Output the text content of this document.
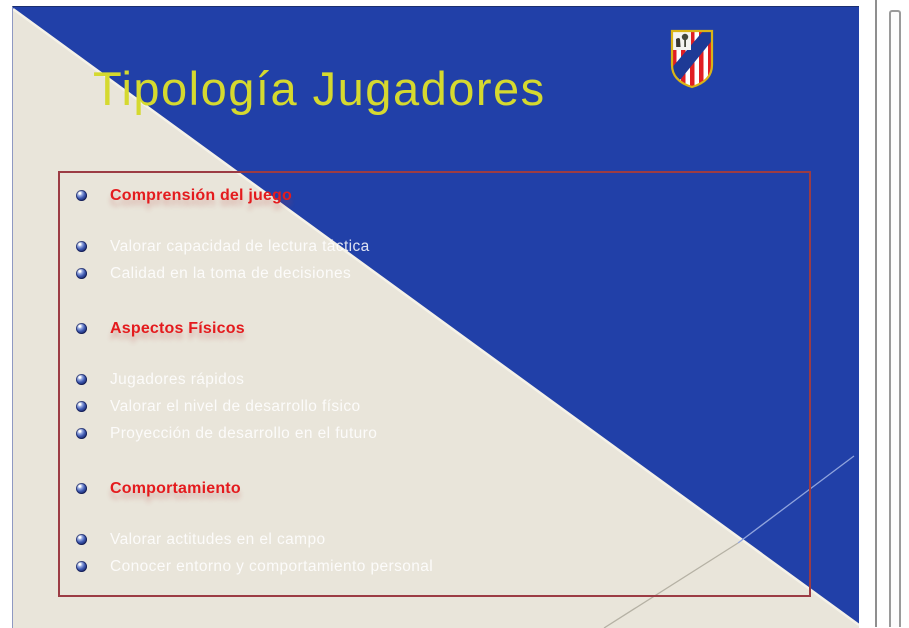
Tipología Jugadores
Comprensión del juego
Valorar capacidad de lectura táctica
Calidad en la toma de decisiones
Aspectos Físicos
Jugadores rápidos
Valorar el nivel de desarrollo físico
Proyección de desarrollo en el futuro
Comportamiento
Valorar actitudes en el campo
Conocer entorno y comportamiento personal
